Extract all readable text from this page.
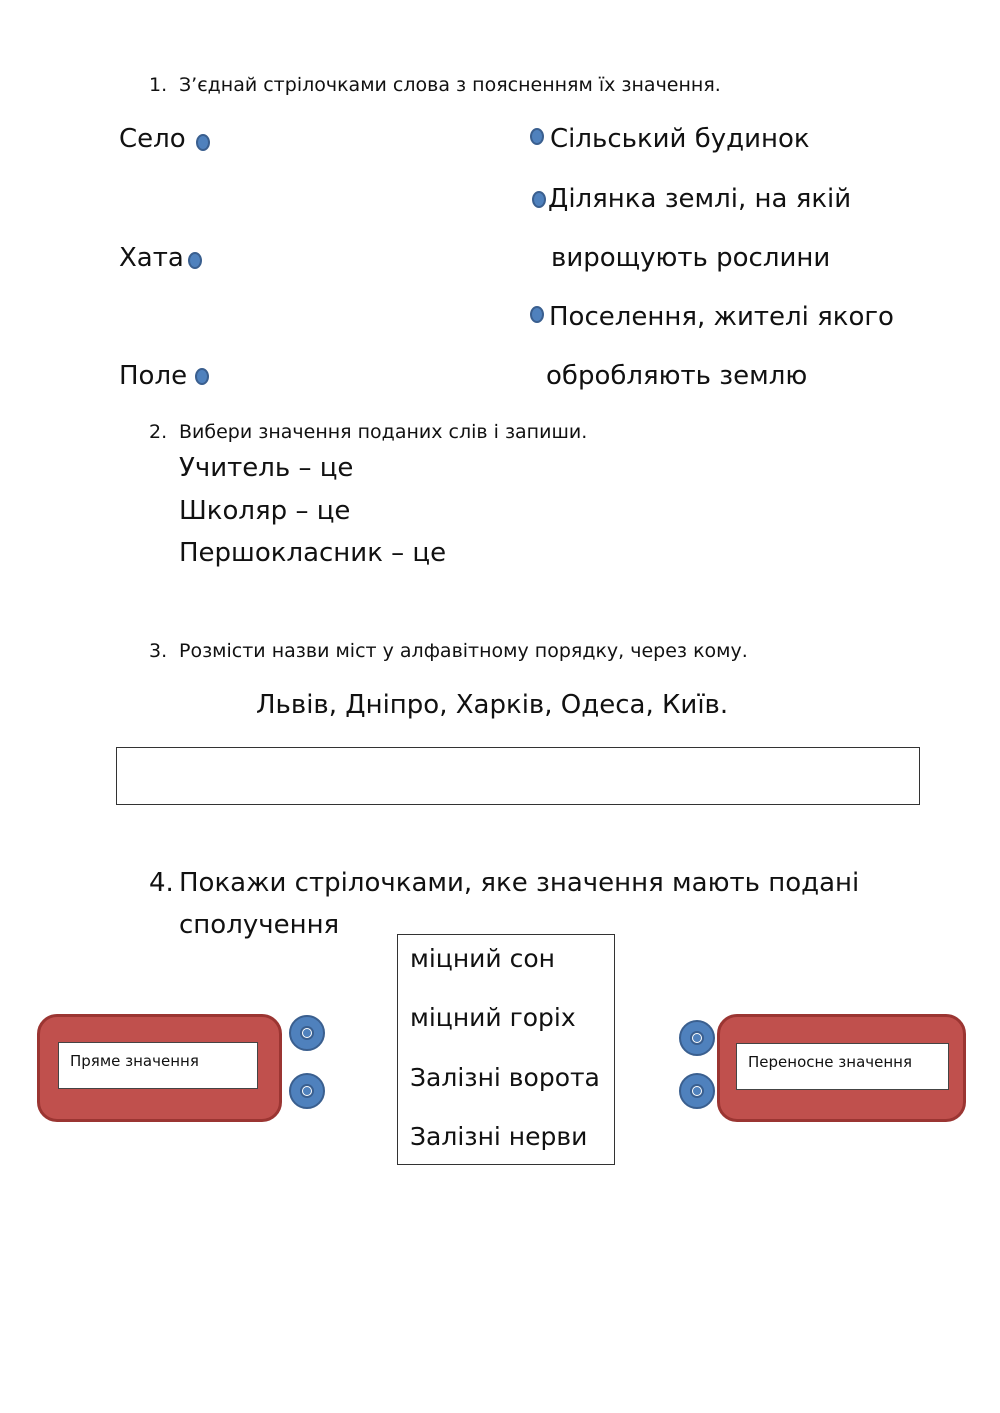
1. З’єднай стрілочками слова з поясненням їх значення.
Село
Хата
Поле
Сільський будинок
Ділянка землі, на якій
вирощують рослини
Поселення, жителі якого
обробляють землю
2. Вибери значення поданих слів і запиши.
Учитель – це
Школяр – це
Першокласник – це
3. Розмісти назви міст у алфавітному порядку, через кому.
Львів, Дніпро, Харків, Одеса, Київ.
4. Покажи стрілочками, яке значення мають подані
сполучення
міцний сон
міцний горіх
Залізні ворота
Залізні нерви
Пряме значення	Переносне значення
